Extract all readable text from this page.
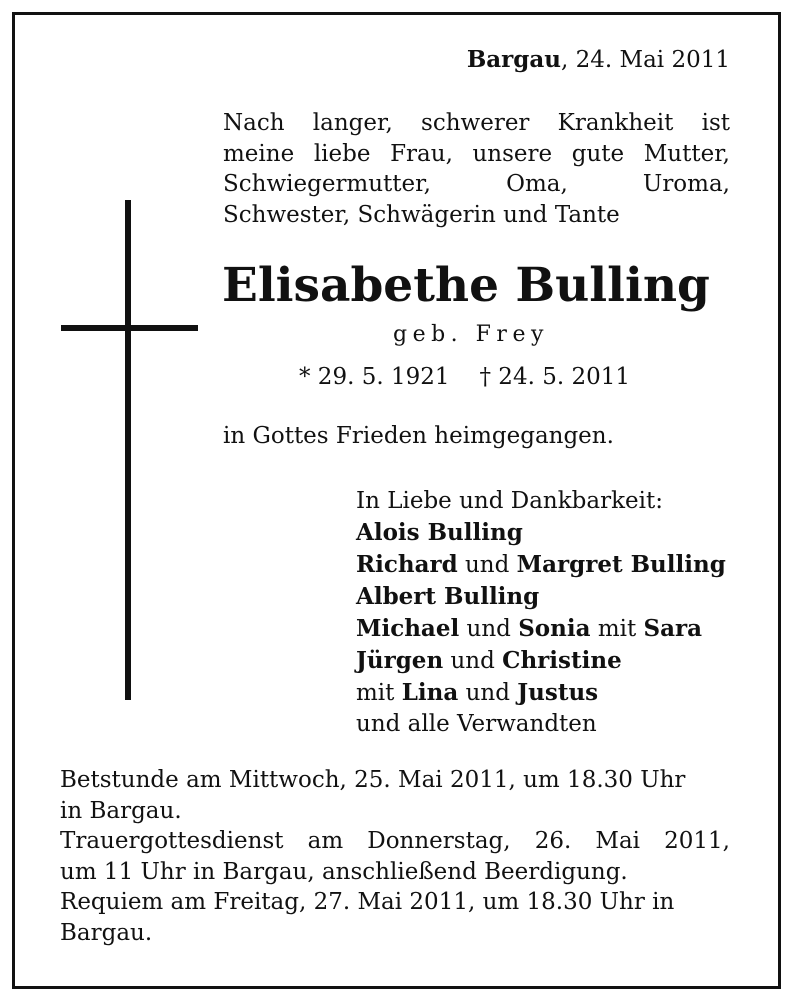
Bargau, 24. Mai 2011
Nach langer, schwerer Krankheit ist
meine liebe Frau, unsere gute Mutter,
Schwiegermutter, Oma, Uroma,
Schwester, Schwägerin und Tante
Elisabethe Bulling
geb. Frey
* 29. 5. 1921 † 24. 5. 2011
in Gottes Frieden heimgegangen.
In Liebe und Dankbarkeit:
Alois Bulling
Richard und Margret Bulling
Albert Bulling
Michael und Sonia mit Sara
Jürgen und Christine
mit Lina und Justus
und alle Verwandten
Betstunde am Mittwoch, 25. Mai 2011, um 18.30 Uhr
in Bargau.
Trauergottesdienst am Donnerstag, 26. Mai 2011,
um 11 Uhr in Bargau, anschließend Beerdigung.
Requiem am Freitag, 27. Mai 2011, um 18.30 Uhr in
Bargau.
